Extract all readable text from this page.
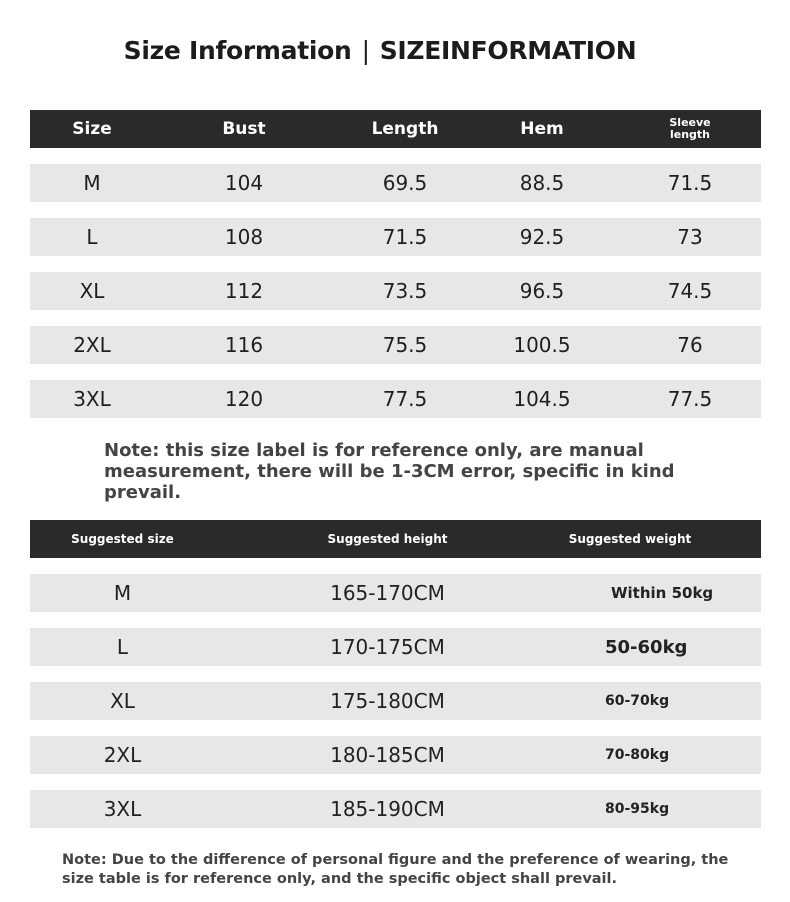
Size Information | SIZEINFORMATION
Size	Bust	Length	Hem	Sleeve length
M	104	69.5	88.5	71.5
L	108	71.5	92.5	73
XL	112	73.5	96.5	74.5
2XL	116	75.5	100.5	76
3XL	120	77.5	104.5	77.5
Note: this size label is for reference only, are manual measurement, there will be 1-3CM error, specific in kind prevail.
Suggested size	Suggested height	Suggested weight
M	165-170CM	Within 50kg
L	170-175CM	50-60kg
XL	175-180CM	60-70kg
2XL	180-185CM	70-80kg
3XL	185-190CM	80-95kg
Note: Due to the difference of personal figure and the preference of wearing, the size table is for reference only, and the specific object shall prevail.
